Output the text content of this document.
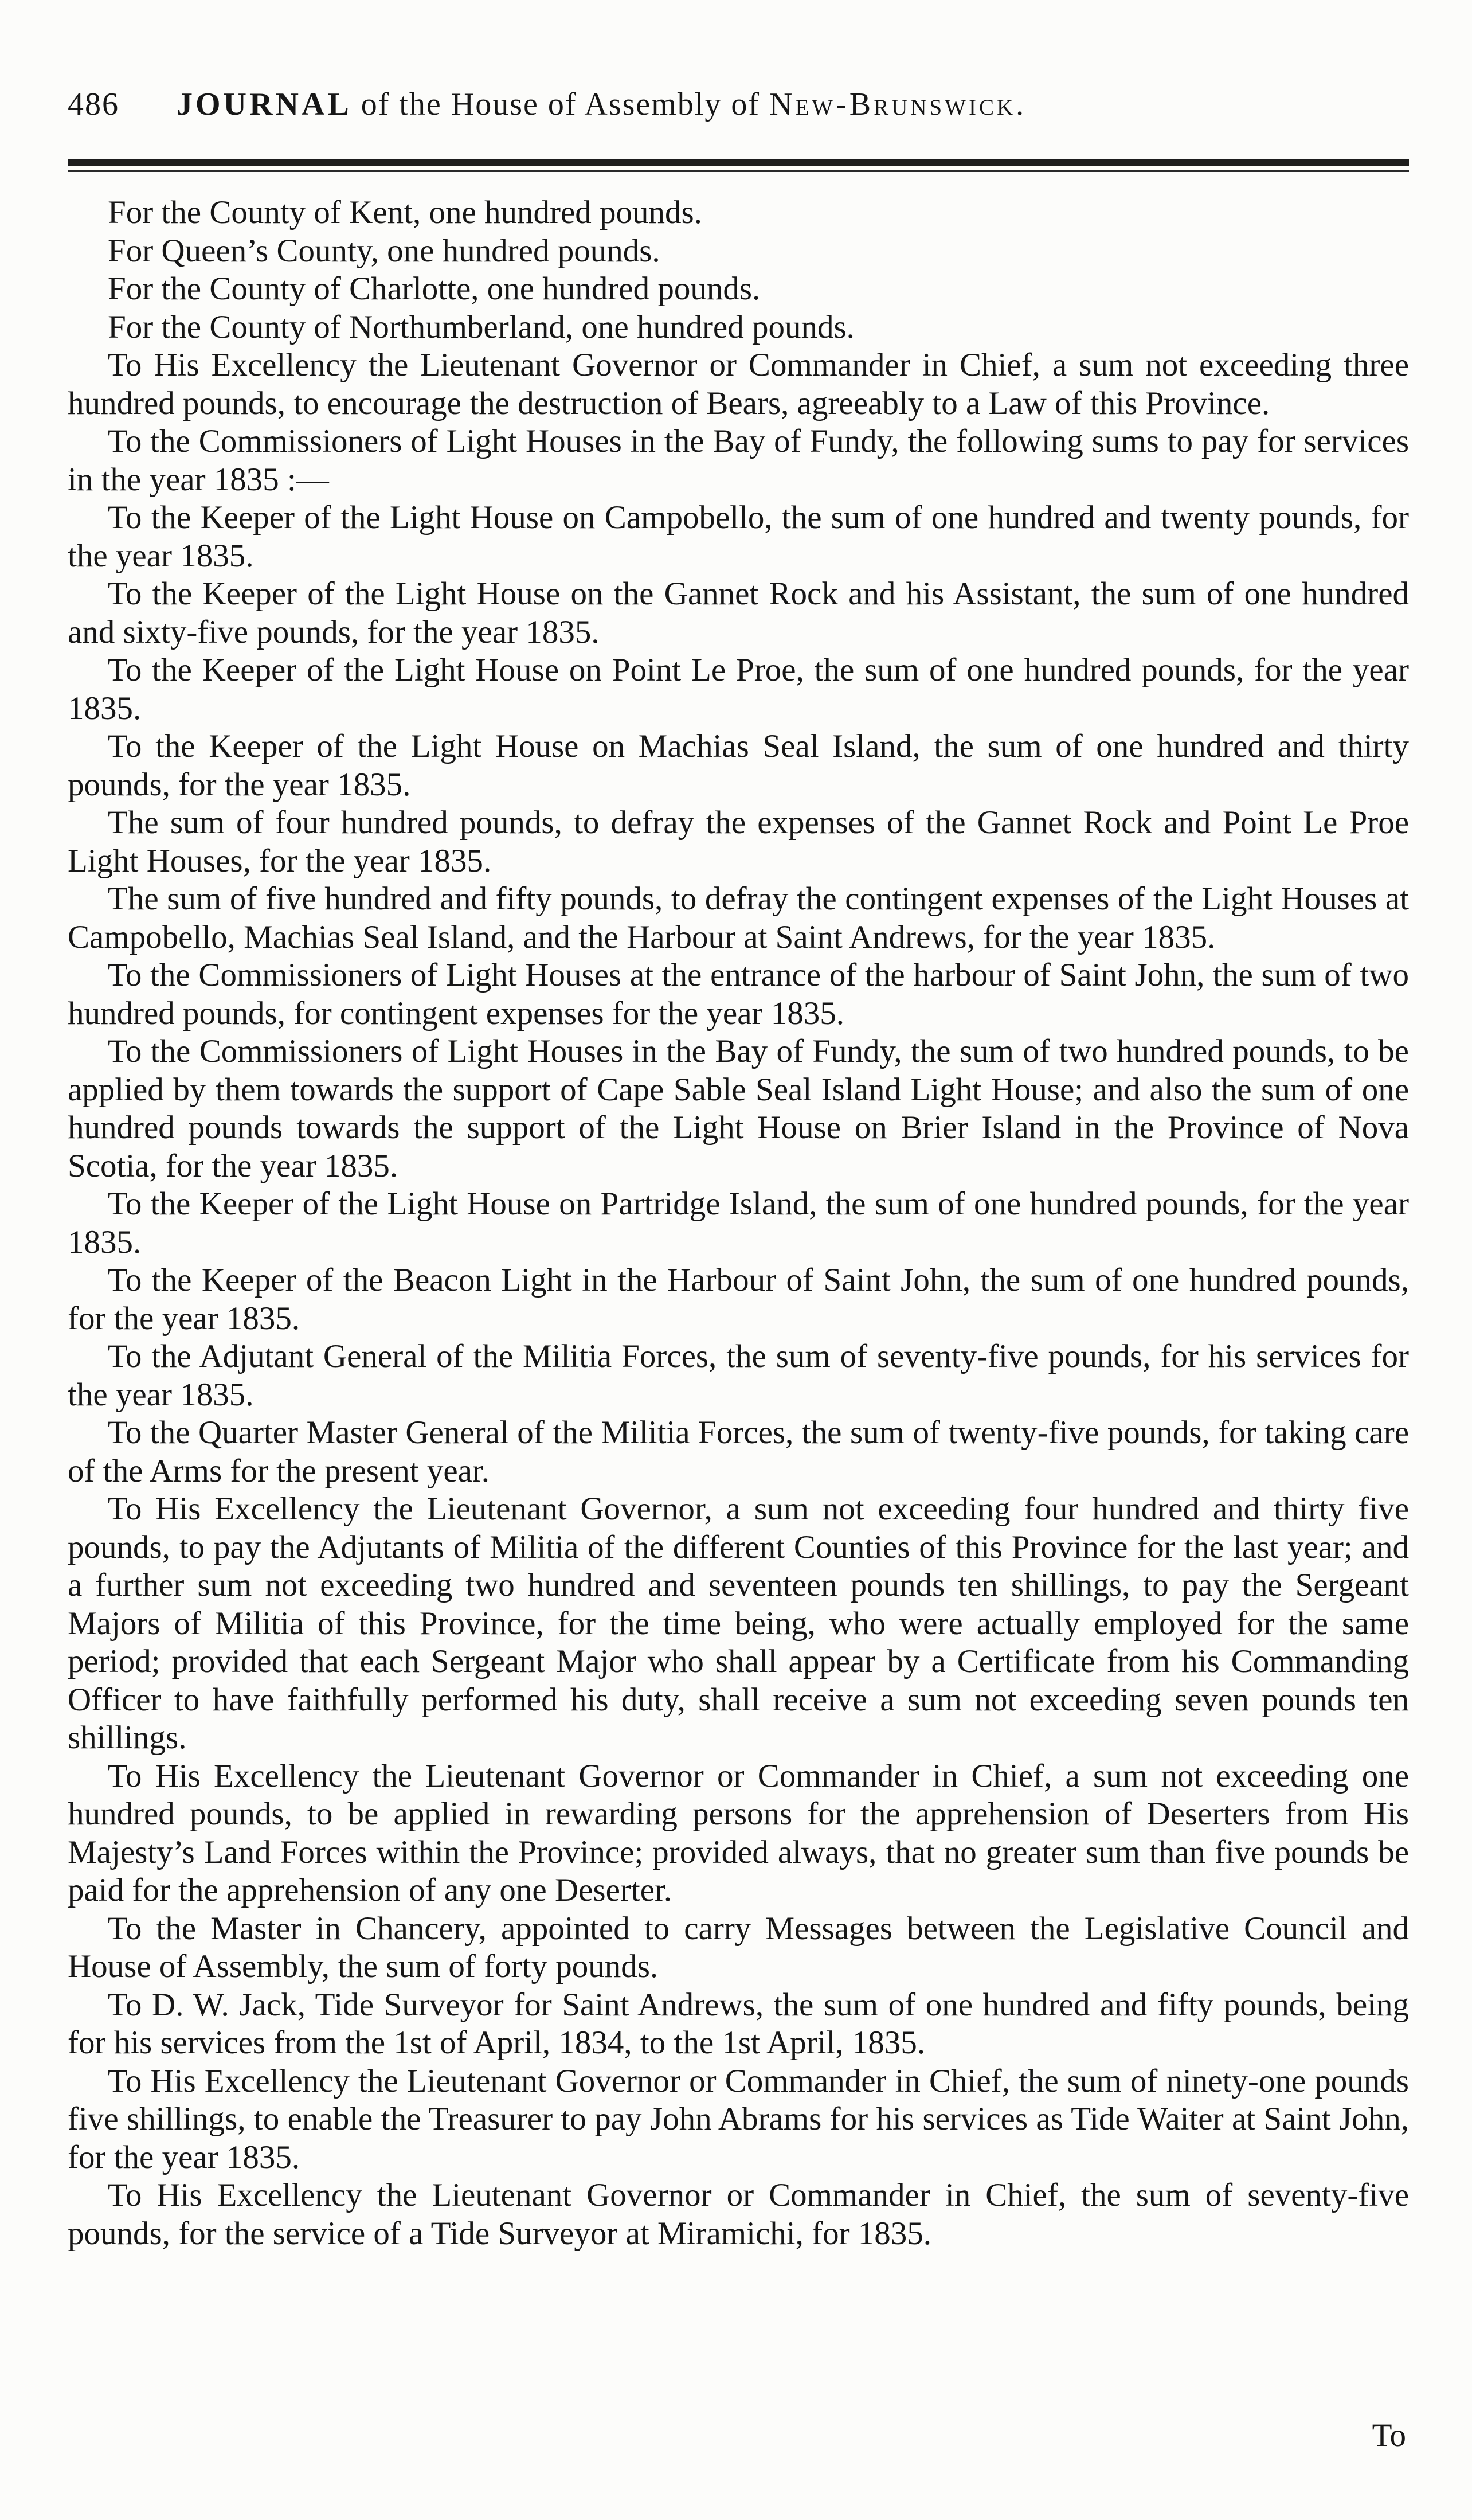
486	JOURNAL of the House of Assembly of New-Brunswick.

For the County of Kent, one hundred pounds.

For Queen’s County, one hundred pounds.

For the County of Charlotte, one hundred pounds.

For the County of Northumberland, one hundred pounds.

To His Excellency the Lieutenant Governor or Commander in Chief, a sum not exceeding three hundred pounds, to encourage the destruction of Bears, agreeably to a Law of this Province.

To the Commissioners of Light Houses in the Bay of Fundy, the following sums to pay for services in the year 1835 :—

To the Keeper of the Light House on Campobello, the sum of one hundred and twenty pounds, for the year 1835.

To the Keeper of the Light House on the Gannet Rock and his Assistant, the sum of one hundred and sixty-five pounds, for the year 1835.

To the Keeper of the Light House on Point Le Proe, the sum of one hundred pounds, for the year 1835.

To the Keeper of the Light House on Machias Seal Island, the sum of one hundred and thirty pounds, for the year 1835.

The sum of four hundred pounds, to defray the expenses of the Gannet Rock and Point Le Proe Light Houses, for the year 1835.

The sum of five hundred and fifty pounds, to defray the contingent expenses of the Light Houses at Campobello, Machias Seal Island, and the Harbour at Saint Andrews, for the year 1835.

To the Commissioners of Light Houses at the entrance of the harbour of Saint John, the sum of two hundred pounds, for contingent expenses for the year 1835.

To the Commissioners of Light Houses in the Bay of Fundy, the sum of two hundred pounds, to be applied by them towards the support of Cape Sable Seal Island Light House; and also the sum of one hundred pounds towards the support of the Light House on Brier Island in the Province of Nova Scotia, for the year 1835.

To the Keeper of the Light House on Partridge Island, the sum of one hundred pounds, for the year 1835.

To the Keeper of the Beacon Light in the Harbour of Saint John, the sum of one hundred pounds, for the year 1835.

To the Adjutant General of the Militia Forces, the sum of seventy-five pounds, for his services for the year 1835.

To the Quarter Master General of the Militia Forces, the sum of twenty-five pounds, for taking care of the Arms for the present year.

To His Excellency the Lieutenant Governor, a sum not exceeding four hundred and thirty five pounds, to pay the Adjutants of Militia of the different Counties of this Province for the last year; and a further sum not exceeding two hundred and seventeen pounds ten shillings, to pay the Sergeant Majors of Militia of this Province, for the time being, who were actually employed for the same period; provided that each Sergeant Major who shall appear by a Certificate from his Commanding Officer to have faithfully performed his duty, shall receive a sum not exceeding seven pounds ten shillings.

To His Excellency the Lieutenant Governor or Commander in Chief, a sum not exceeding one hundred pounds, to be applied in rewarding persons for the apprehension of Deserters from His Majesty’s Land Forces within the Province; provided always, that no greater sum than five pounds be paid for the apprehension of any one Deserter.

To the Master in Chancery, appointed to carry Messages between the Legislative Council and House of Assembly, the sum of forty pounds.

To D. W. Jack, Tide Surveyor for Saint Andrews, the sum of one hundred and fifty pounds, being for his services from the 1st of April, 1834, to the 1st April, 1835.

To His Excellency the Lieutenant Governor or Commander in Chief, the sum of ninety-one pounds five shillings, to enable the Treasurer to pay John Abrams for his services as Tide Waiter at Saint John, for the year 1835.

To His Excellency the Lieutenant Governor or Commander in Chief, the sum of seventy-five pounds, for the service of a Tide Surveyor at Miramichi, for 1835.

To
